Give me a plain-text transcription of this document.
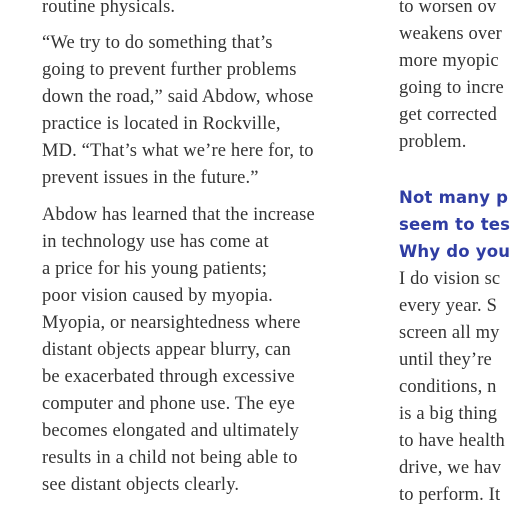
routine physicals.
“We try to do something that’s
going to prevent further problems
down the road,” said Abdow, whose
practice is located in Rockville,
MD. “That’s what we’re here for, to
prevent issues in the future.”
Abdow has learned that the increase
in technology use has come at
a price for his young patients;
poor vision caused by myopia.
Myopia, or nearsightedness where
distant objects appear blurry, can
be exacerbated through excessive
computer and phone use. The eye
becomes elongated and ultimately
results in a child not being able to
see distant objects clearly.
to worsen ov
weakens over
more myopic
going to incre
get corrected
problem.
Not many p
seem to tes
Why do you
I do vision sc
every year. S
screen all my
until they’re
conditions, n
is a big thing
to have health
drive, we hav
to perform. It
